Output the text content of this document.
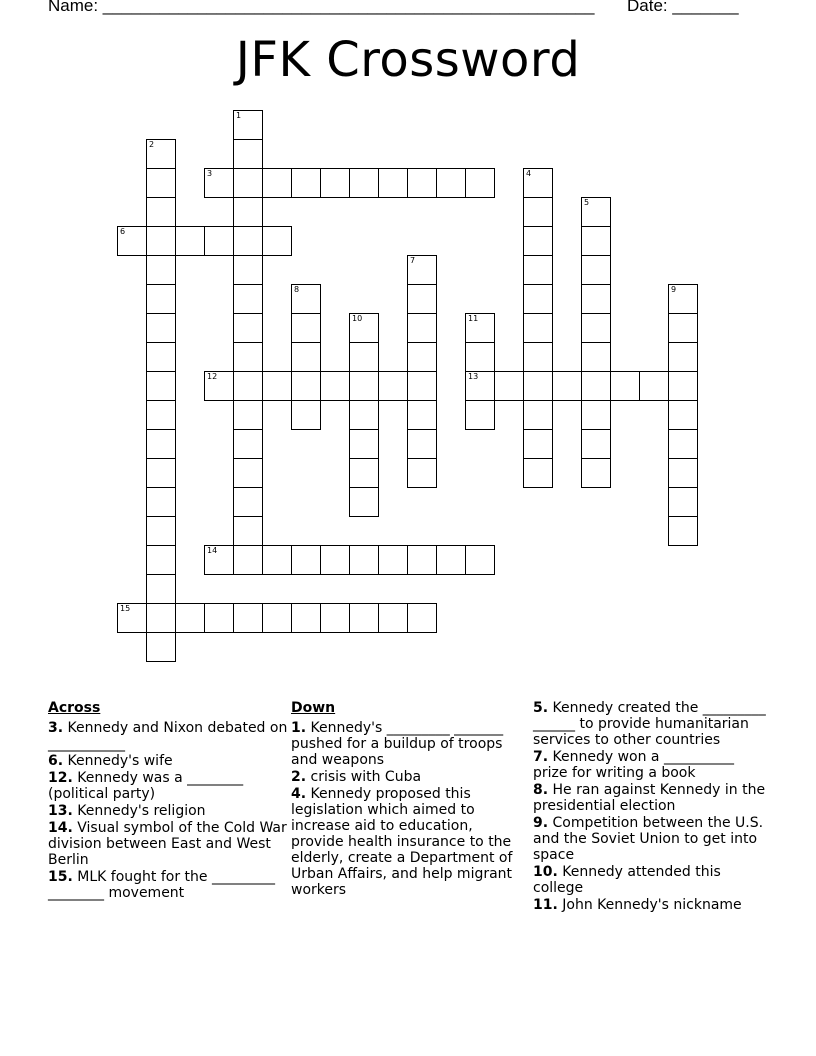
Name: ____________________________________________________ Date: _______
JFK Crossword
1
2
3	4
5
6
7
8	9
10	11
13
12
14
15
Across
3. Kennedy and Nixon debated on ___________
6. Kennedy's wife
12. Kennedy was a ________ (political party)
13. Kennedy's religion
14. Visual symbol of the Cold War division between East and West Berlin
15. MLK fought for the _________ ________ movement
Down
1. Kennedy's _________ _______ pushed for a buildup of troops and weapons
2. crisis with Cuba
4. Kennedy proposed this legislation which aimed to increase aid to education, provide health insurance to the elderly, create a Department of Urban Affairs, and help migrant workers
5. Kennedy created the _________ ______ to provide humanitarian services to other countries
7. Kennedy won a __________ prize for writing a book
8. He ran against Kennedy in the presidential election
9. Competition between the U.S. and the Soviet Union to get into space
10. Kennedy attended this college
11. John Kennedy's nickname
